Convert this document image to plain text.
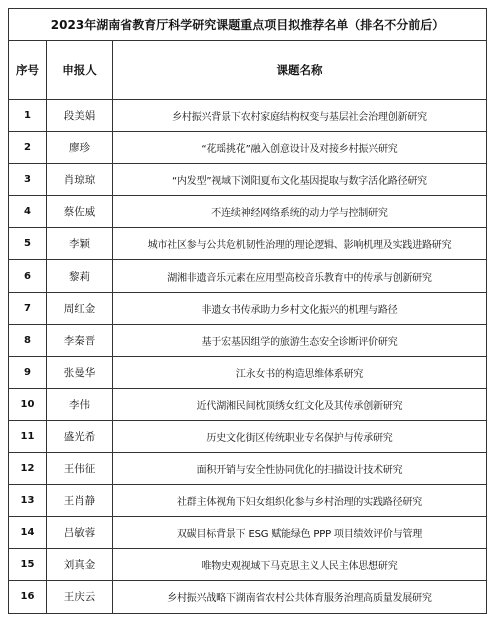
2023年湖南省教育厅科学研究课题重点项目拟推荐名单（排名不分前后）		
序号	申报人	课题名称
1	段美娟	乡村振兴背景下农村家庭结构权变与基层社会治理创新研究
2	廖珍	“花瑶挑花”融入创意设计及对接乡村振兴研究
3	肖琼琼	“内发型”视域下浏阳夏布文化基因提取与数字活化路径研究
4	蔡佐威	不连续神经网络系统的动力学与控制研究
5	李颖	城市社区参与公共危机韧性治理的理论逻辑、影响机理及实践进路研究
6	黎莉	湖湘非遗音乐元素在应用型高校音乐教育中的传承与创新研究
7	周红金	非遗女书传承助力乡村文化振兴的机理与路径
8	李秦晋	基于宏基因组学的旅游生态安全诊断评价研究
9	张曼华	江永女书的构造思维体系研究
10	李伟	近代湖湘民间枕顶绣女红文化及其传承创新研究
11	盛光希	历史文化街区传统职业专名保护与传承研究
12	王伟征	面积开销与安全性协同优化的扫描设计技术研究
13	王肖静	社群主体视角下妇女组织化参与乡村治理的实践路径研究
14	吕敏蓉	双碳目标背景下 ESG 赋能绿色 PPP 项目绩效评价与管理
15	刘真金	唯物史观视域下马克思主义人民主体思想研究
16	王庆云	乡村振兴战略下湖南省农村公共体育服务治理高质量发展研究
